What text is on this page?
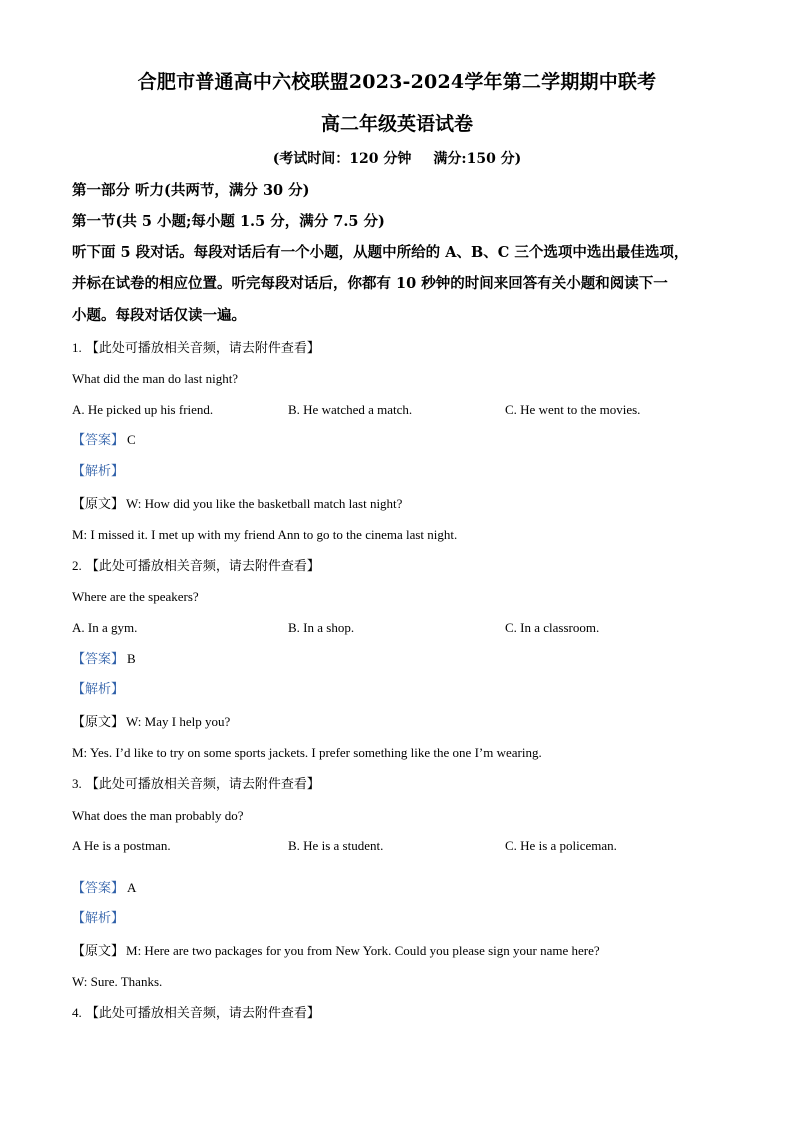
合肥市普通高中六校联盟2023-2024学年第二学期期中联考
高二年级英语试卷
(考试时间：120 分钟 满分:150 分)
第一部分 听力(共两节，满分 30 分)
第一节(共 5 小题;每小题 1.5 分，满分 7.5 分)
听下面 5 段对话。每段对话后有一个小题，从题中所给的 A、B、C 三个选项中选出最佳选项，
并标在试卷的相应位置。听完每段对话后，你都有 10 秒钟的时间来回答有关小题和阅读下一
小题。每段对话仅读一遍。
1. 【此处可播放相关音频，请去附件查看】
What did the man do last night?
A. He picked up his friend.	B. He watched a match.	C. He went to the movies.
【答案】 C
【解析】
【原文】 W: How did you like the basketball match last night?
M: I missed it. I met up with my friend Ann to go to the cinema last night.
2. 【此处可播放相关音频，请去附件查看】
Where are the speakers?
A. In a gym.	B. In a shop.	C. In a classroom.
【答案】 B
【解析】
【原文】 W: May I help you?
M: Yes. I’d like to try on some sports jackets. I prefer something like the one I’m wearing.
3. 【此处可播放相关音频，请去附件查看】
What does the man probably do?
A He is a postman.	B. He is a student.	C. He is a policeman.
【答案】 A
【解析】
【原文】 M: Here are two packages for you from New York. Could you please sign your name here?
W: Sure. Thanks.
4. 【此处可播放相关音频，请去附件查看】
